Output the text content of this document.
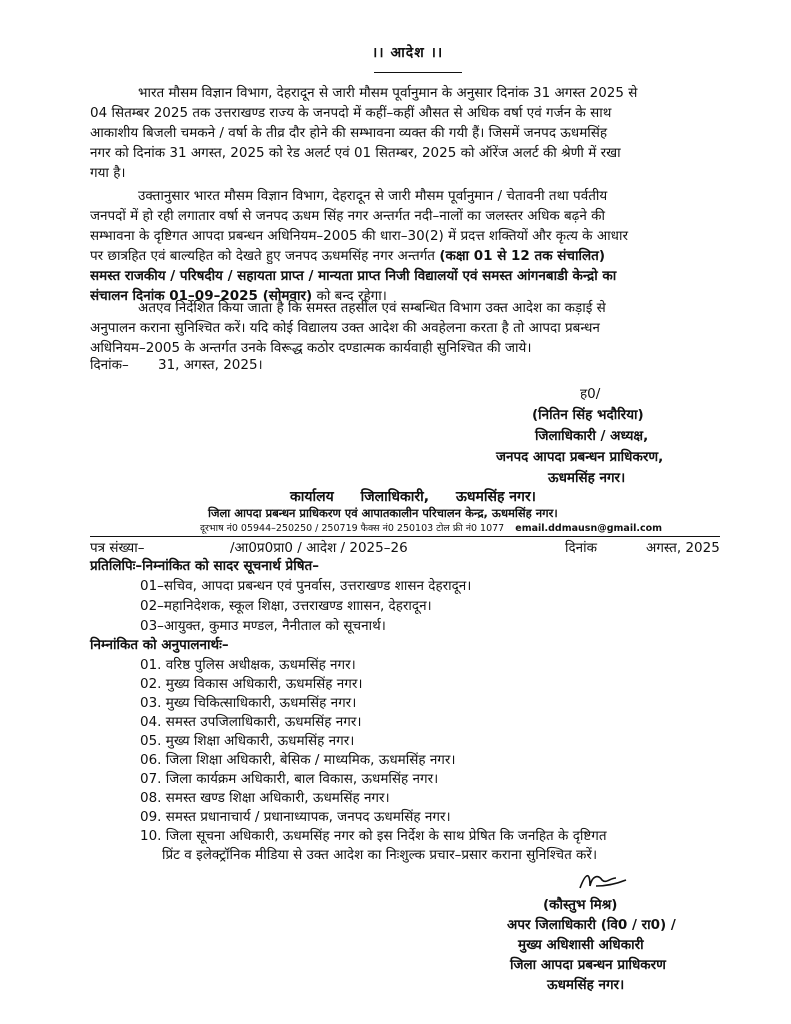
।। आदेश ।।
भारत मौसम विज्ञान विभाग, देहरादून से जारी मौसम पूर्वानुमान के अनुसार दिनांक 31 अगस्त 2025 से
04 सितम्बर 2025 तक उत्तराखण्ड राज्य के जनपदो में कहीं–कहीं औसत से अधिक वर्षा एवं गर्जन के साथ
आकाशीय बिजली चमकने / वर्षा के तीव्र दौर होने की सम्भावना व्यक्त की गयी हैं। जिसमें जनपद ऊधमसिंह
नगर को दिनांक 31 अगस्त, 2025 को रेड अलर्ट एवं 01 सितम्बर, 2025 को ऑरेंज अलर्ट की श्रेणी में रखा
गया है।
उक्तानुसार भारत मौसम विज्ञान विभाग, देहरादून से जारी मौसम पूर्वानुमान / चेतावनी तथा पर्वतीय
जनपदों में हो रही लगातार वर्षा से जनपद ऊधम सिंह नगर अन्तर्गत नदी–नालों का जलस्तर अधिक बढ़ने की
सम्भावना के दृष्टिगत आपदा प्रबन्धन अधिनियम–2005 की धारा–30(2) में प्रदत्त शक्तियों और कृत्य के आधार
पर छात्रहित एवं बाल्यहित को देखते हुए जनपद ऊधमसिंह नगर अन्तर्गत (कक्षा 01 से 12 तक संचालित)
समस्त राजकीय / परिषदीय / सहायता प्राप्त / मान्यता प्राप्त निजी विद्यालयों एवं समस्त आंगनबाडी केन्द्रो का
संचालन दिनांक 01–09–2025 (सोमवार) को बन्द रहेगा।
अतएव निर्देशित किया जाता है कि समस्त तहसील एवं सम्बन्धित विभाग उक्त आदेश का कड़ाई से
अनुपालन कराना सुनिश्चित करें। यदि कोई विद्यालय उक्त आदेश की अवहेलना करता है तो आपदा प्रबन्धन
अधिनियम–2005 के अन्तर्गत उनके विरूद्ध कठोर दण्डात्मक कार्यवाही सुनिश्चित की जाये।
दिनांक– 31, अगस्त, 2025।
ह0/
(नितिन सिंह भदौरिया)
जिलाधिकारी / अध्यक्ष,
जनपद आपदा प्रबन्धन प्राधिकरण,
ऊधमसिंह नगर।
कार्यालय जिलाधिकारी, ऊधमसिंह नगर।
जिला आपदा प्रबन्धन प्राधिकरण एवं आपातकालीन परिचालन केन्द्र, ऊधमसिंह नगर।
दूरभाष नं0 05944–250250 / 250719 फैक्स नं0 250103 टोल फ्री नं0 1077 email.ddmausn@gmail.com
पत्र संख्या–	/आ0प्र0प्रा0 / आदेश / 2025–26	दिनांक	अगस्त, 2025
प्रतिलिपिः–निम्नांकित को सादर सूचनार्थ प्रेषित–
01–सचिव, आपदा प्रबन्धन एवं पुनर्वास, उत्तराखण्ड शासन देहरादून।
02–महानिदेशक, स्कूल शिक्षा, उत्तराखण्ड शाासन, देहरादून।
03–आयुक्त, कुमाउ मण्डल, नैनीताल को सूचनार्थ।
निम्नांकित को अनुपालनार्थः–
01. वरिष्ठ पुलिस अधीक्षक, ऊधमसिंह नगर।
02. मुख्य विकास अधिकारी, ऊधमसिंह नगर।
03. मुख्य चिकित्साधिकारी, ऊधमसिंह नगर।
04. समस्त उपजिलाधिकारी, ऊधमसिंह नगर।
05. मुख्य शिक्षा अधिकारी, ऊधमसिंह नगर।
06. जिला शिक्षा अधिकारी, बेसिक / माध्यमिक, ऊधमसिंह नगर।
07. जिला कार्यक्रम अधिकारी, बाल विकास, ऊधमसिंह नगर।
08. समस्त खण्ड शिक्षा अधिकारी, ऊधमसिंह नगर।
09. समस्त प्रधानाचार्य / प्रधानाध्यापक, जनपद ऊधमसिंह नगर।
10. जिला सूचना अधिकारी, ऊधमसिंह नगर को इस निर्देश के साथ प्रेषित कि जनहित के दृष्टिगत
प्रिंट व इलेक्ट्रॉनिक मीडिया से उक्त आदेश का निःशुल्क प्रचार–प्रसार कराना सुनिश्चित करें।
(कौस्तुभ मिश्र)
अपर जिलाधिकारी (वि0 / रा0) /
मुख्य अधिशासी अधिकारी
जिला आपदा प्रबन्धन प्राधिकरण
ऊधमसिंह नगर।
